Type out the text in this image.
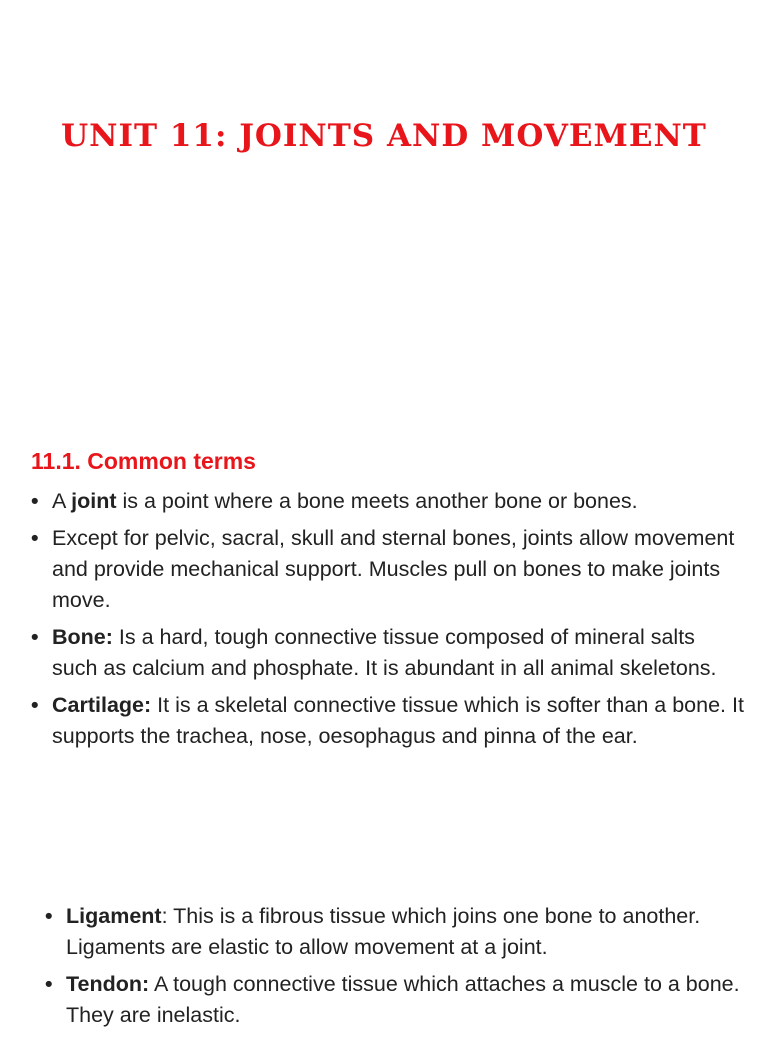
UNIT 11: JOINTS AND MOVEMENT
11.1. Common terms
• A joint is a point where a bone meets another bone or bones.
• Except for pelvic, sacral, skull and sternal bones, joints allow movement and provide mechanical support. Muscles pull on bones to make joints move.
• Bone: Is a hard, tough connective tissue composed of mineral salts such as calcium and phosphate. It is abundant in all animal skeletons.
• Cartilage: It is a skeletal connective tissue which is softer than a bone. It supports the trachea, nose, oesophagus and pinna of the ear.
• Ligament: This is a fibrous tissue which joins one bone to another. Ligaments are elastic to allow movement at a joint.
• Tendon: A tough connective tissue which attaches a muscle to a bone. They are inelastic.
